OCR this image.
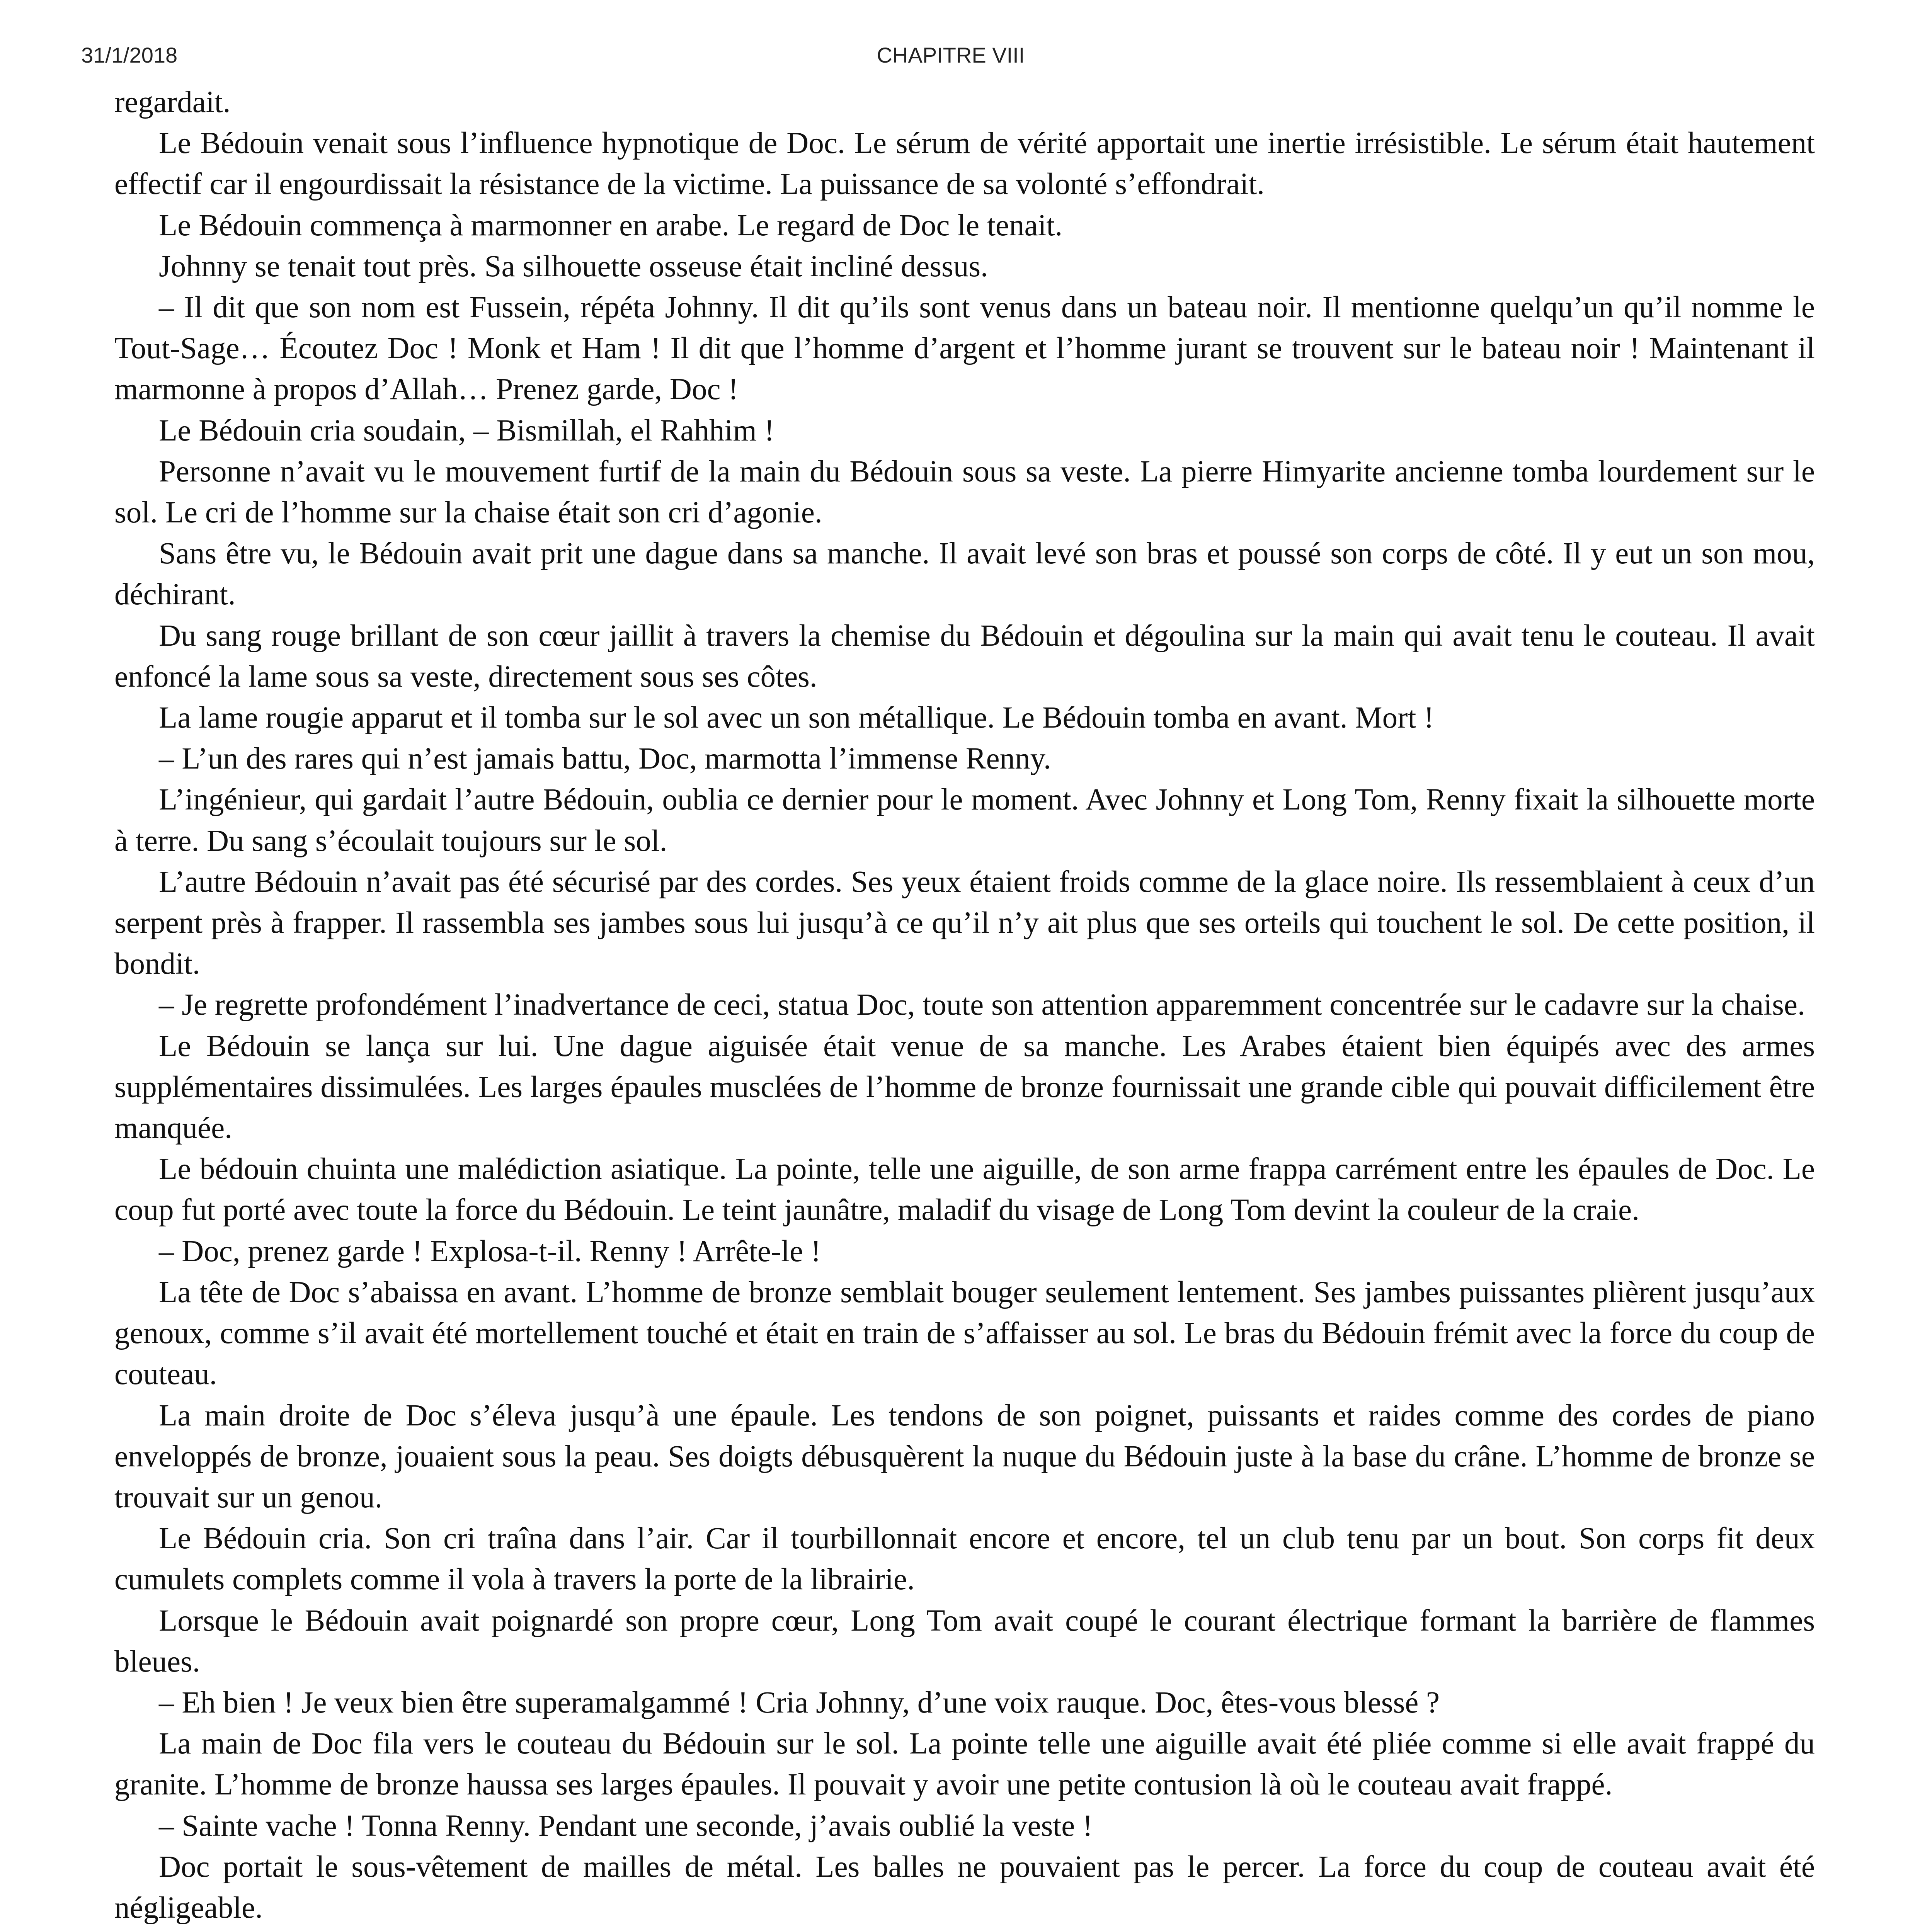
31/1/2018	CHAPITRE VIII

regardait.

Le Bédouin venait sous l’influence hypnotique de Doc. Le sérum de vérité apportait une inertie irrésistible. Le sérum était hautement effectif car il engourdissait la résistance de la victime. La puissance de sa volonté s’effondrait.

Le Bédouin commença à marmonner en arabe. Le regard de Doc le tenait.

Johnny se tenait tout près. Sa silhouette osseuse était incliné dessus.

– Il dit que son nom est Fussein, répéta Johnny. Il dit qu’ils sont venus dans un bateau noir. Il mentionne quelqu’un qu’il nomme le Tout-Sage… Écoutez Doc ! Monk et Ham ! Il dit que l’homme d’argent et l’homme jurant se trouvent sur le bateau noir ! Maintenant il marmonne à propos d’Allah… Prenez garde, Doc !

Le Bédouin cria soudain, – Bismillah, el Rahhim !

Personne n’avait vu le mouvement furtif de la main du Bédouin sous sa veste. La pierre Himyarite ancienne tomba lourdement sur le sol. Le cri de l’homme sur la chaise était son cri d’agonie.

Sans être vu, le Bédouin avait prit une dague dans sa manche. Il avait levé son bras et poussé son corps de côté. Il y eut un son mou, déchirant.

Du sang rouge brillant de son cœur jaillit à travers la chemise du Bédouin et dégoulina sur la main qui avait tenu le couteau. Il avait enfoncé la lame sous sa veste, directement sous ses côtes.

La lame rougie apparut et il tomba sur le sol avec un son métallique. Le Bédouin tomba en avant. Mort !

– L’un des rares qui n’est jamais battu, Doc, marmotta l’immense Renny.

L’ingénieur, qui gardait l’autre Bédouin, oublia ce dernier pour le moment. Avec Johnny et Long Tom, Renny fixait la silhouette morte à terre. Du sang s’écoulait toujours sur le sol.

L’autre Bédouin n’avait pas été sécurisé par des cordes. Ses yeux étaient froids comme de la glace noire. Ils ressemblaient à ceux d’un serpent près à frapper. Il rassembla ses jambes sous lui jusqu’à ce qu’il n’y ait plus que ses orteils qui touchent le sol. De cette position, il bondit.

– Je regrette profondément l’inadvertance de ceci, statua Doc, toute son attention apparemment concentrée sur le cadavre sur la chaise.

Le Bédouin se lança sur lui. Une dague aiguisée était venue de sa manche. Les Arabes étaient bien équipés avec des armes supplémentaires dissimulées. Les larges épaules musclées de l’homme de bronze fournissait une grande cible qui pouvait difficilement être manquée.

Le bédouin chuinta une malédiction asiatique. La pointe, telle une aiguille, de son arme frappa carrément entre les épaules de Doc. Le coup fut porté avec toute la force du Bédouin. Le teint jaunâtre, maladif du visage de Long Tom devint la couleur de la craie.

– Doc, prenez garde ! Explosa-t-il. Renny ! Arrête-le !

La tête de Doc s’abaissa en avant. L’homme de bronze semblait bouger seulement lentement. Ses jambes puissantes plièrent jusqu’aux genoux, comme s’il avait été mortellement touché et était en train de s’affaisser au sol. Le bras du Bédouin frémit avec la force du coup de couteau.

La main droite de Doc s’éleva jusqu’à une épaule. Les tendons de son poignet, puissants et raides comme des cordes de piano enveloppés de bronze, jouaient sous la peau. Ses doigts débusquèrent la nuque du Bédouin juste à la base du crâne. L’homme de bronze se trouvait sur un genou.

Le Bédouin cria. Son cri traîna dans l’air. Car il tourbillonnait encore et encore, tel un club tenu par un bout. Son corps fit deux cumulets complets comme il vola à travers la porte de la librairie.

Lorsque le Bédouin avait poignardé son propre cœur, Long Tom avait coupé le courant électrique formant la barrière de flammes bleues.

– Eh bien ! Je veux bien être superamalgammé ! Cria Johnny, d’une voix rauque. Doc, êtes-vous blessé ?

La main de Doc fila vers le couteau du Bédouin sur le sol. La pointe telle une aiguille avait été pliée comme si elle avait frappé du granite. L’homme de bronze haussa ses larges épaules. Il pouvait y avoir une petite contusion là où le couteau avait frappé.

– Sainte vache ! Tonna Renny. Pendant une seconde, j’avais oublié la veste !

Doc portait le sous-vêtement de mailles de métal. Les balles ne pouvaient pas le percer. La force du coup de couteau avait été négligeable.
